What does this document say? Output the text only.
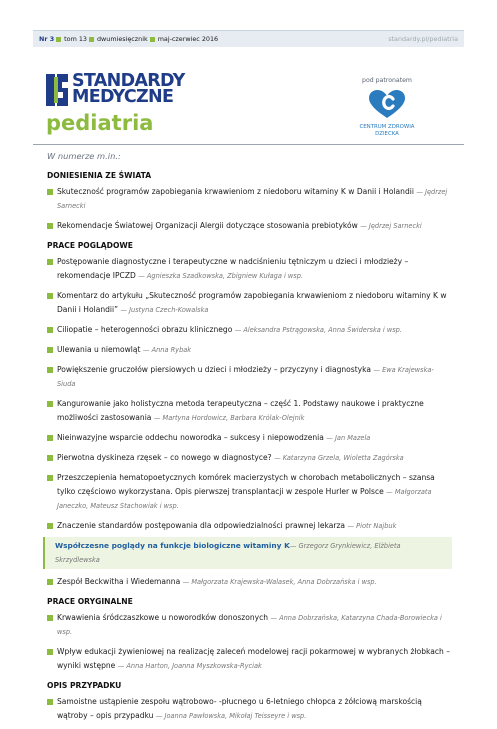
Nr 3 tom 13 dwumiesięcznik maj-czerwiec 2016	standardy.pl/pediatria
STANDARDY
MEDYCZNE
pediatria
pod patronatem
CENTRUM ZDROWIA DZIECKA
W numerze m.in.:
DONIESIENIA ZE ŚWIATA
Skuteczność programów zapobiegania krwawieniom z niedoboru witaminy K w Danii i Holandii — Jędrzej Sarnecki
Rekomendacje Światowej Organizacji Alergii dotyczące stosowania prebiotyków — Jędrzej Sarnecki
PRACE POGLĄDOWE
Postępowanie diagnostyczne i terapeutyczne w nadciśnieniu tętniczym u dzieci i młodzieży – rekomendacje IPCZD — Agnieszka Szadkowska, Zbigniew Kułaga i wsp.
Komentarz do artykułu „Skuteczność programów zapobiegania krwawieniom z niedoboru witaminy K w Danii i Holandii” — Justyna Czech-Kowalska
Ciliopatie – heterogenności obrazu klinicznego — Aleksandra Pstrągowska, Anna Świderska i wsp.
Ulewania u niemowląt — Anna Rybak
Powiększenie gruczołów piersiowych u dzieci i młodzieży – przyczyny i diagnostyka — Ewa Krajewska-Siuda
Kangurowanie jako holistyczna metoda terapeutyczna – część 1. Podstawy naukowe i praktyczne możliwości zastosowania — Martyna Hordowicz, Barbara Królak-Olejnik
Nieinwazyjne wsparcie oddechu noworodka – sukcesy i niepowodzenia — Jan Mazela
Pierwotna dyskineza rzęsek – co nowego w diagnostyce? — Katarzyna Grzela, Wioletta Zagórska
Przeszczepienia hematopoetycznych komórek macierzystych w chorobach metabolicznych – szansa tylko częściowo wykorzystana. Opis pierwszej transplantacji w zespole Hurler w Polsce — Małgorzata Janeczko, Mateusz Stachowiak i wsp.
Znaczenie standardów postępowania dla odpowiedzialności prawnej lekarza — Piotr Najbuk
Współczesne poglądy na funkcje biologiczne witaminy K— Grzegorz Grynkiewicz, Elżbieta Skrzydlewska
Zespół Beckwitha i Wiedemanna — Małgorzata Krajewska-Walasek, Anna Dobrzańska i wsp.
PRACE ORYGINALNE
Krwawienia śródczaszkowe u noworodków donoszonych — Anna Dobrzańska, Katarzyna Chada-Borowiecka i wsp.
Wpływ edukacji żywieniowej na realizację zaleceń modelowej racji pokarmowej w wybranych żłobkach – wyniki wstępne — Anna Harton, Joanna Myszkowska-Ryciak
OPIS PRZYPADKU
Samoistne ustąpienie zespołu wątrobowo- -płucnego u 6-letniego chłopca z żółciową marskością wątroby – opis przypadku — Joanna Pawłowska, Mikołaj Teisseyre i wsp.
